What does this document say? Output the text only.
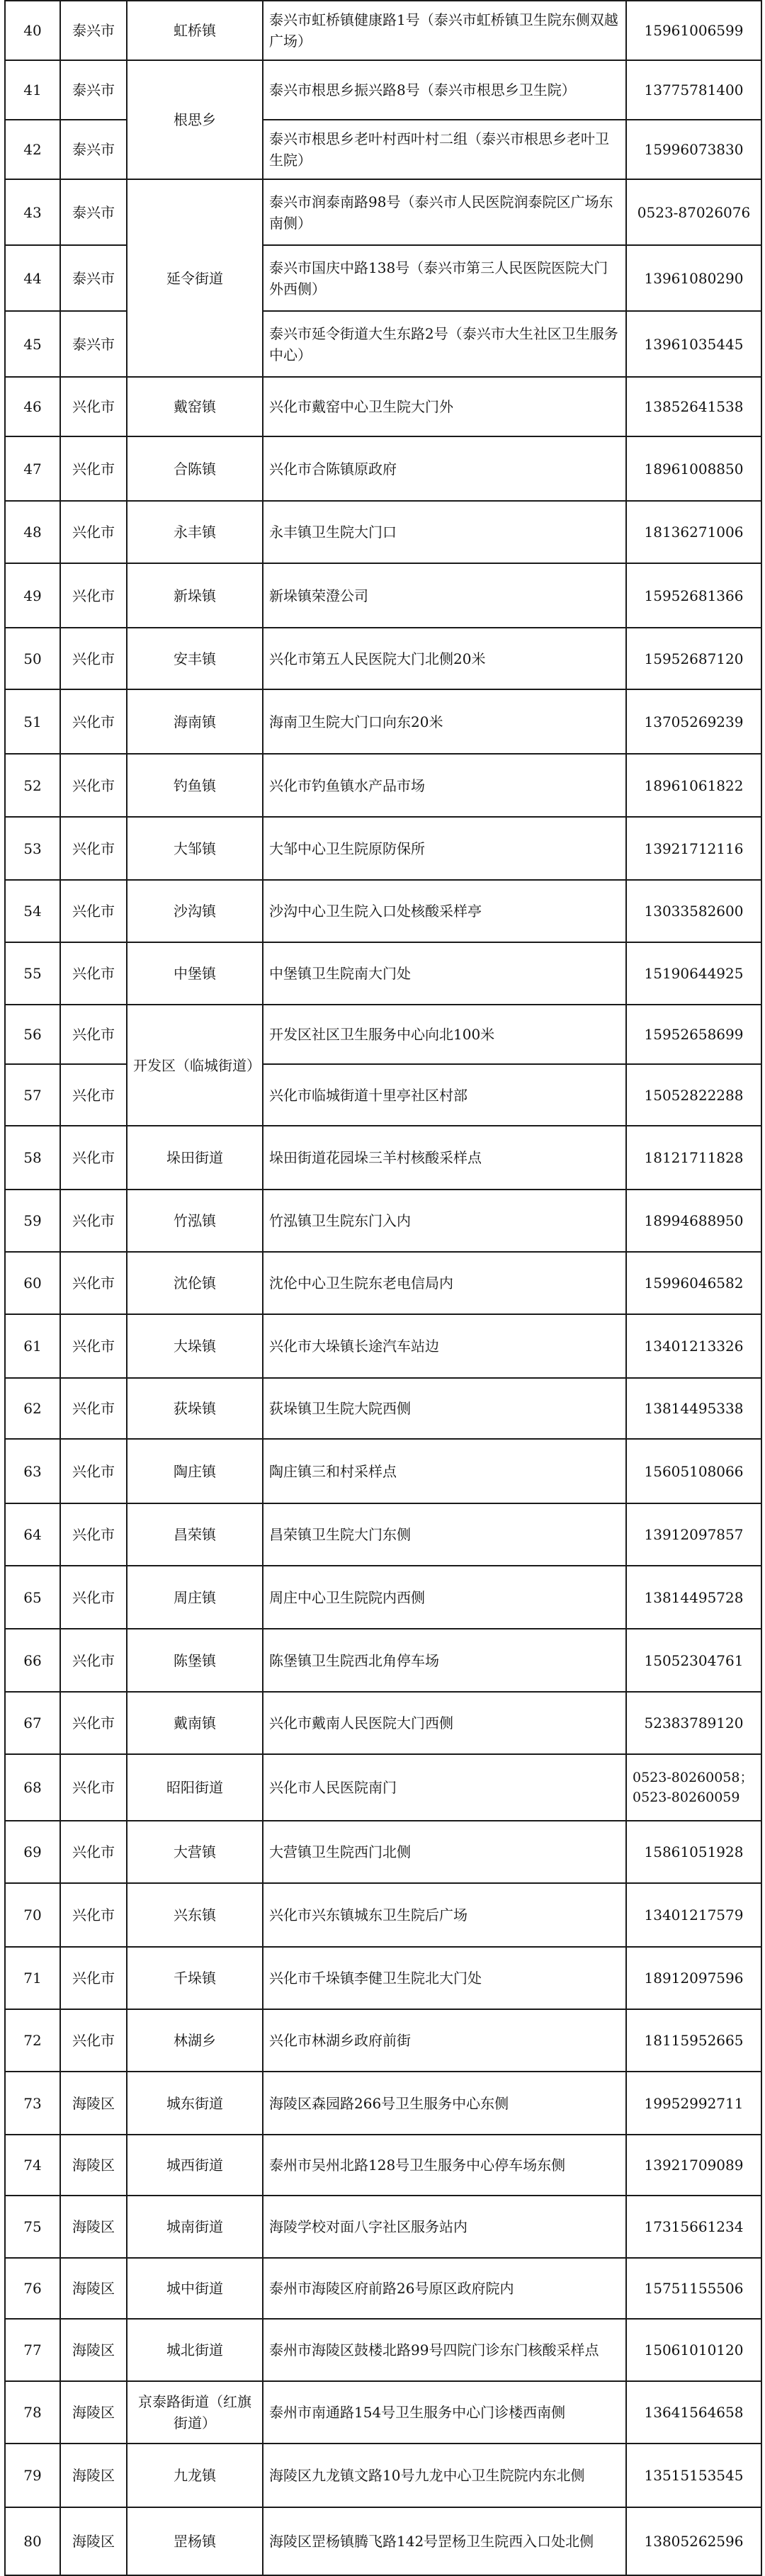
40	泰兴市	虹桥镇	泰兴市虹桥镇健康路1号（泰兴市虹桥镇卫生院东侧双越广场）	15961006599
41	泰兴市	根思乡	泰兴市根思乡振兴路8号（泰兴市根思乡卫生院）	13775781400
42	泰兴市		泰兴市根思乡老叶村西叶村二组（泰兴市根思乡老叶卫生院）	15996073830
43	泰兴市	延令街道	泰兴市润泰南路98号（泰兴市人民医院润泰院区广场东南侧）	0523-87026076
44	泰兴市		泰兴市国庆中路138号（泰兴市第三人民医院医院大门外西侧）	13961080290
45	泰兴市		泰兴市延令街道大生东路2号（泰兴市大生社区卫生服务中心）	13961035445
46	兴化市	戴窑镇	兴化市戴窑中心卫生院大门外	13852641538
47	兴化市	合陈镇	兴化市合陈镇原政府	18961008850
48	兴化市	永丰镇	永丰镇卫生院大门口	18136271006
49	兴化市	新垛镇	新垛镇荣澄公司	15952681366
50	兴化市	安丰镇	兴化市第五人民医院大门北侧20米	15952687120
51	兴化市	海南镇	海南卫生院大门口向东20米	13705269239
52	兴化市	钓鱼镇	兴化市钓鱼镇水产品市场	18961061822
53	兴化市	大邹镇	大邹中心卫生院原防保所	13921712116
54	兴化市	沙沟镇	沙沟中心卫生院入口处核酸采样亭	13033582600
55	兴化市	中堡镇	中堡镇卫生院南大门处	15190644925
56	兴化市	开发区（临城街道）	开发区社区卫生服务中心向北100米	15952658699
57	兴化市		兴化市临城街道十里亭社区村部	15052822288
58	兴化市	垛田街道	垛田街道花园垛三羊村核酸采样点	18121711828
59	兴化市	竹泓镇	竹泓镇卫生院东门入内	18994688950
60	兴化市	沈伦镇	沈伦中心卫生院东老电信局内	15996046582
61	兴化市	大垛镇	兴化市大垛镇长途汽车站边	13401213326
62	兴化市	荻垛镇	荻垛镇卫生院大院西侧	13814495338
63	兴化市	陶庄镇	陶庄镇三和村采样点	15605108066
64	兴化市	昌荣镇	昌荣镇卫生院大门东侧	13912097857
65	兴化市	周庄镇	周庄中心卫生院院内西侧	13814495728
66	兴化市	陈堡镇	陈堡镇卫生院西北角停车场	15052304761
67	兴化市	戴南镇	兴化市戴南人民医院大门西侧	52383789120
68	兴化市	昭阳街道	兴化市人民医院南门	0523-80260058；0523-80260059
69	兴化市	大营镇	大营镇卫生院西门北侧	15861051928
70	兴化市	兴东镇	兴化市兴东镇城东卫生院后广场	13401217579
71	兴化市	千垛镇	兴化市千垛镇李健卫生院北大门处	18912097596
72	兴化市	林湖乡	兴化市林湖乡政府前街	18115952665
73	海陵区	城东街道	海陵区森园路266号卫生服务中心东侧	19952992711
74	海陵区	城西街道	泰州市吴州北路128号卫生服务中心停车场东侧	13921709089
75	海陵区	城南街道	海陵学校对面八字社区服务站内	17315661234
76	海陵区	城中街道	泰州市海陵区府前路26号原区政府院内	15751155506
77	海陵区	城北街道	泰州市海陵区鼓楼北路99号四院门诊东门核酸采样点	15061010120
78	海陵区	京泰路街道（红旗街道）	泰州市南通路154号卫生服务中心门诊楼西南侧	13641564658
79	海陵区	九龙镇	海陵区九龙镇文路10号九龙中心卫生院院内东北侧	13515153545
80	海陵区	罡杨镇	海陵区罡杨镇腾飞路142号罡杨卫生院西入口处北侧	13805262596
